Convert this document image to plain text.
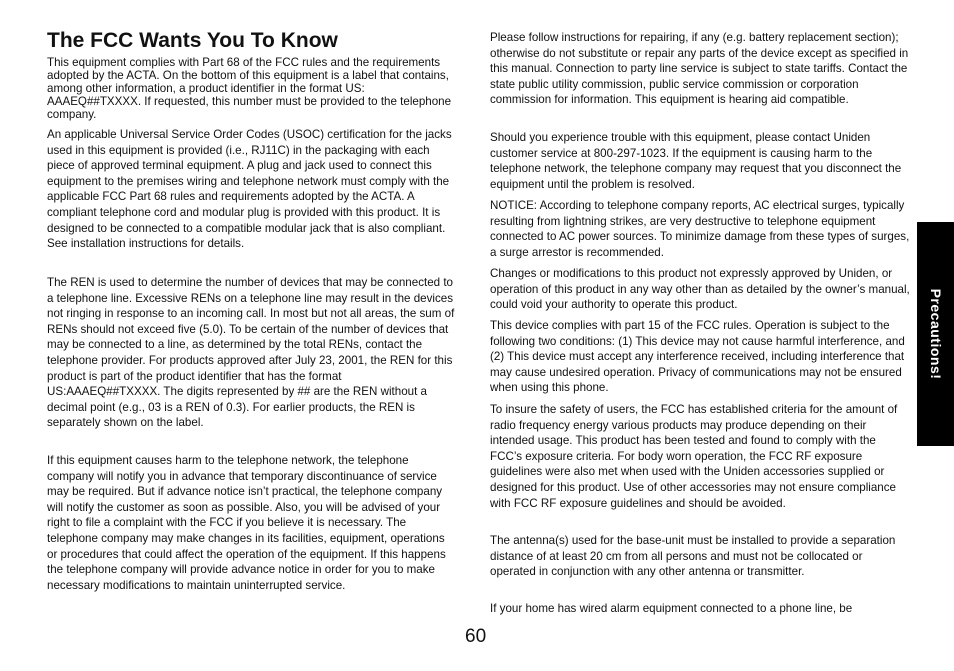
The FCC Wants You To Know

This equipment complies with Part 68 of the FCC rules and the requirements adopted by the ACTA. On the bottom of this equipment is a label that contains, among other information, a product identifier in the format US: AAAEQ##TXXXX. If requested, this number must be provided to the telephone company.

An applicable Universal Service Order Codes (USOC) certification for the jacks used in this equipment is provided (i.e., RJ11C) in the packaging with each piece of approved terminal equipment. A plug and jack used to connect this equipment to the premises wiring and telephone network must comply with the applicable FCC Part 68 rules and requirements adopted by the ACTA. A compliant telephone cord and modular plug is provided with this product. It is designed to be connected to a compatible modular jack that is also compliant. See installation instructions for details.

The REN is used to determine the number of devices that may be connected to a telephone line. Excessive RENs on a telephone line may result in the devices not ringing in response to an incoming call. In most but not all areas, the sum of RENs should not exceed five (5.0). To be certain of the number of devices that may be connected to a line, as determined by the total RENs, contact the telephone provider. For products approved after July 23, 2001, the REN for this product is part of the product identifier that has the format US:AAAEQ##TXXXX. The digits represented by ## are the REN without a decimal point (e.g., 03 is a REN of 0.3). For earlier products, the REN is separately shown on the label.

If this equipment causes harm to the telephone network, the telephone company will notify you in advance that temporary discontinuance of service may be required. But if advance notice isn’t practical, the telephone company will notify the customer as soon as possible. Also, you will be advised of your right to file a complaint with the FCC if you believe it is necessary. The telephone company may make changes in its facilities, equipment, operations or procedures that could affect the operation of the equipment. If this happens the telephone company will provide advance notice in order for you to make necessary modifications to maintain uninterrupted service.

Please follow instructions for repairing, if any (e.g. battery replacement section); otherwise do not substitute or repair any parts of the device except as specified in this manual. Connection to party line service is subject to state tariffs. Contact the state public utility commission, public service commission or corporation commission for information. This equipment is hearing aid compatible.

Should you experience trouble with this equipment, please contact Uniden customer service at 800-297-1023. If the equipment is causing harm to the telephone network, the telephone company may request that you disconnect the equipment until the problem is resolved.

NOTICE: According to telephone company reports, AC electrical surges, typically resulting from lightning strikes, are very destructive to telephone equipment connected to AC power sources. To minimize damage from these types of surges, a surge arrestor is recommended.

Changes or modifications to this product not expressly approved by Uniden, or operation of this product in any way other than as detailed by the owner’s manual, could void your authority to operate this product.

This device complies with part 15 of the FCC rules. Operation is subject to the following two conditions: (1) This device may not cause harmful interference, and (2) This device must accept any interference received, including interference that may cause undesired operation. Privacy of communications may not be ensured when using this phone.

To insure the safety of users, the FCC has established criteria for the amount of radio frequency energy various products may produce depending on their intended usage. This product has been tested and found to comply with the FCC’s exposure criteria. For body worn operation, the FCC RF exposure guidelines were also met when used with the Uniden accessories supplied or designed for this product. Use of other accessories may not ensure compliance with FCC RF exposure guidelines and should be avoided.

The antenna(s) used for the base-unit must be installed to provide a separation distance of at least 20 cm from all persons and must not be collocated or operated in conjunction with any other antenna or transmitter.

If your home has wired alarm equipment connected to a phone line, be

Precautions!
60
